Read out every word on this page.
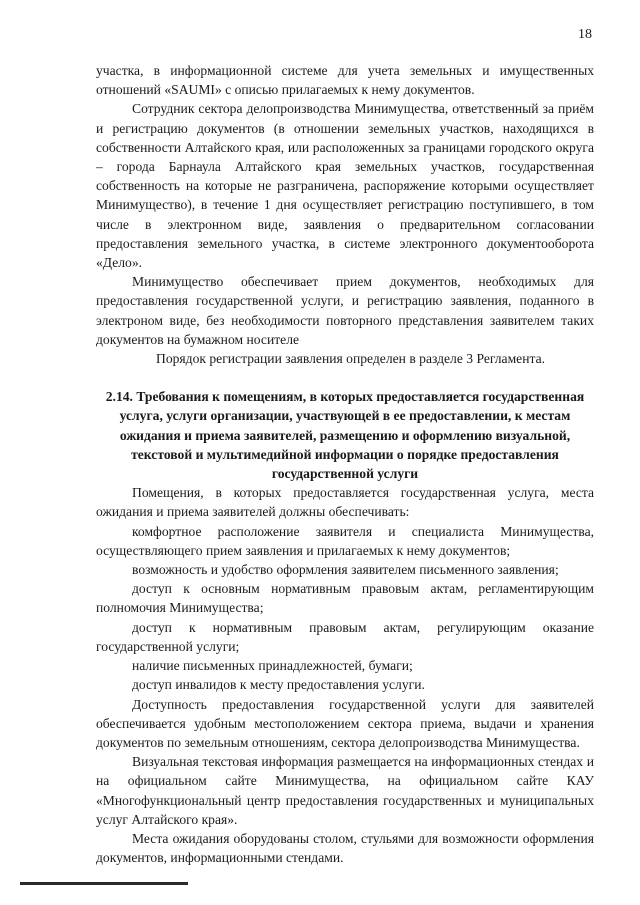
18

участка, в информационной системе для учета земельных и имущественных отношений «SAUMI» с описью прилагаемых к нему документов.

Сотрудник сектора делопроизводства Минимущества, ответственный за приём и регистрацию документов (в отношении земельных участков, находящихся в собственности Алтайского края, или расположенных за границами городского округа – города Барнаула Алтайского края земельных участков, государственная собственность на которые не разграничена, распоряжение которыми осуществляет Минимущество), в течение 1 дня осуществляет регистрацию поступившего, в том числе в электронном виде, заявления о предварительном согласовании предоставления земельного участка, в системе электронного документооборота «Дело».

Минимущество обеспечивает прием документов, необходимых для предоставления государственной услуги, и регистрацию заявления, поданного в электроном виде, без необходимости повторного представления заявителем таких документов на бумажном носителе

Порядок регистрации заявления определен в разделе 3 Регламента.

2.14. Требования к помещениям, в которых предоставляется государственная услуга, услуги организации, участвующей в ее предоставлении, к местам ожидания и приема заявителей, размещению и оформлению визуальной, текстовой и мультимедийной информации о порядке предоставления государственной услуги

Помещения, в которых предоставляется государственная услуга, места ожидания и приема заявителей должны обеспечивать:

комфортное расположение заявителя и специалиста Минимущества, осуществляющего прием заявления и прилагаемых к нему документов;

возможность и удобство оформления заявителем письменного заявления;

доступ к основным нормативным правовым актам, регламентирующим полномочия Минимущества;

доступ к нормативным правовым актам, регулирующим оказание государственной услуги;

наличие письменных принадлежностей, бумаги;

доступ инвалидов к месту предоставления услуги.

Доступность предоставления государственной услуги для заявителей обеспечивается удобным местоположением сектора приема, выдачи и хранения документов по земельным отношениям, сектора делопроизводства Минимущества.

Визуальная текстовая информация размещается на информационных стендах и на официальном сайте Минимущества, на официальном сайте КАУ «Многофункциональный центр предоставления государственных и муниципальных услуг Алтайского края».

Места ожидания оборудованы столом, стульями для возможности оформления документов, информационными стендами.
